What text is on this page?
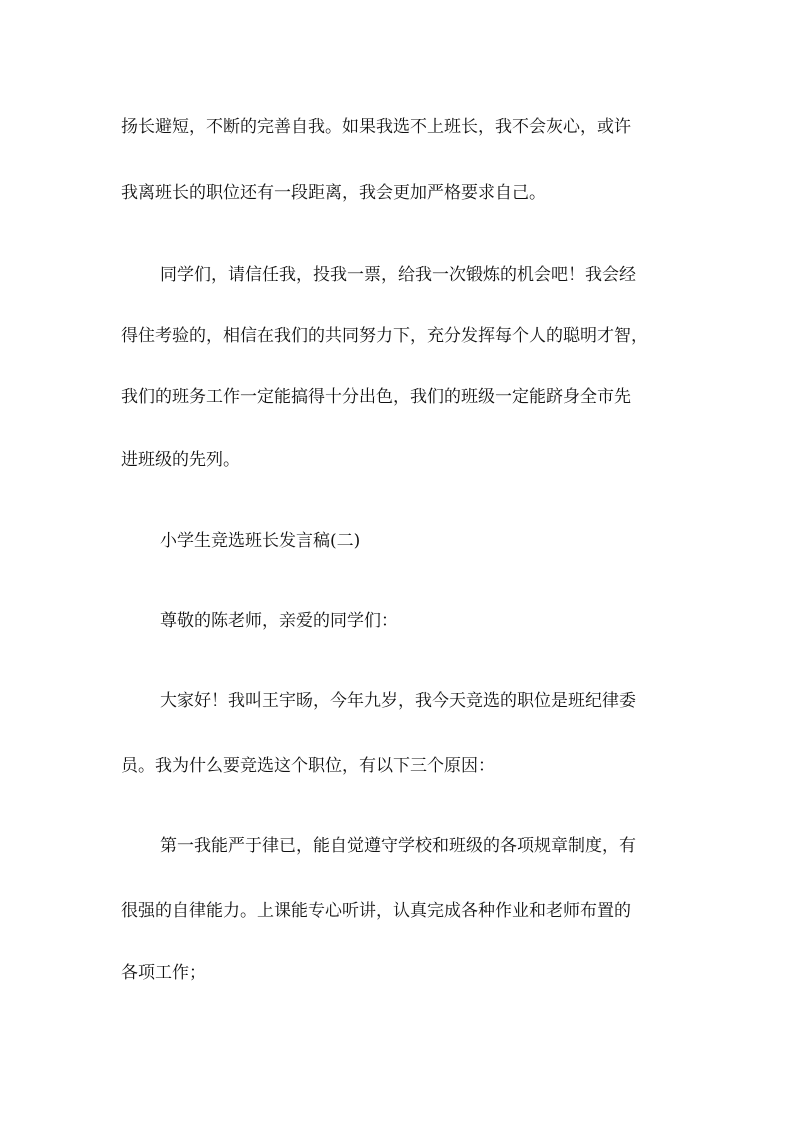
扬长避短，不断的完善自我。如果我选不上班长，我不会灰心，或许
我离班长的职位还有一段距离，我会更加严格要求自己。
同学们，请信任我，投我一票，给我一次锻炼的机会吧！我会经
得住考验的，相信在我们的共同努力下，充分发挥每个人的聪明才智，
我们的班务工作一定能搞得十分出色，我们的班级一定能跻身全市先
进班级的先列。
小学生竞选班长发言稿(二)
尊敬的陈老师，亲爱的同学们：
大家好！我叫王宇旸，今年九岁，我今天竞选的职位是班纪律委
员。我为什么要竞选这个职位，有以下三个原因：
第一我能严于律已，能自觉遵守学校和班级的各项规章制度，有
很强的自律能力。上课能专心听讲，认真完成各种作业和老师布置的
各项工作；
